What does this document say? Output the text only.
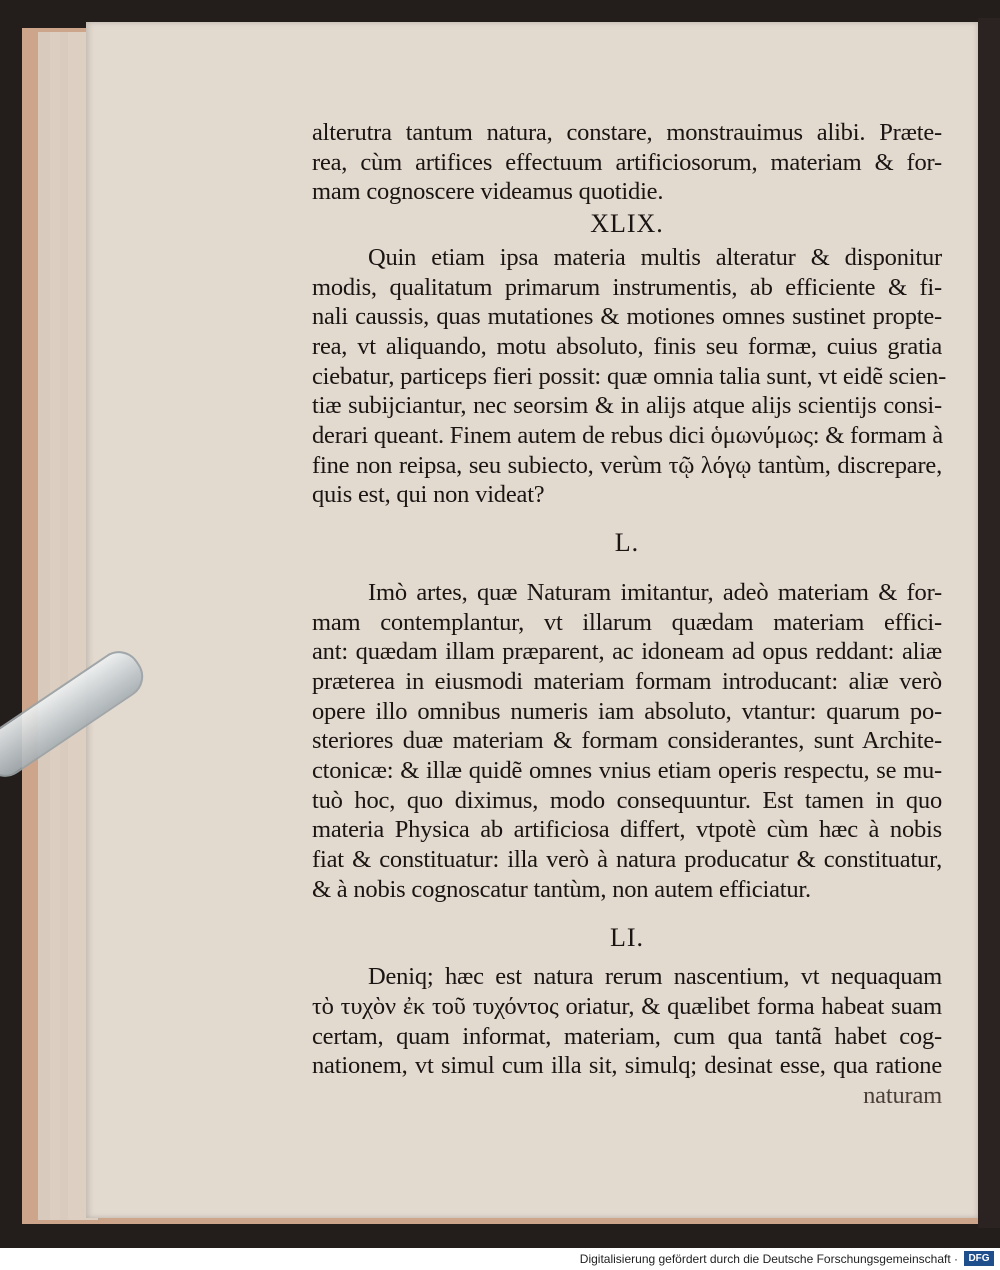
alterutra tantum natura, constare, monstrauimus alibi. Præte-
rea, cùm artifices effectuum artificiosorum, materiam & for-
mam cognoscere videamus quotidie.
XLIX.
Quin etiam ipsa materia multis alteratur & disponitur
modis, qualitatum primarum instrumentis, ab efficiente & fi-
nali caussis, quas mutationes & motiones omnes sustinet propte-
rea, vt aliquando, motu absoluto, finis seu formæ, cuius gratia
ciebatur, particeps fieri possit: quæ omnia talia sunt, vt eidẽ scien-
tiæ subijciantur, nec seorsim & in alijs atque alijs scientijs consi-
derari queant. Finem autem de rebus dici ὁμωνύμως: & formam à
fine non reipsa, seu subiecto, verùm τῷ λόγῳ tantùm, discrepare,
quis est, qui non videat?
L.
Imò artes, quæ Naturam imitantur, adeò materiam & for-
mam contemplantur, vt illarum quædam materiam effici-
ant: quædam illam præparent, ac idoneam ad opus reddant: aliæ
præterea in eiusmodi materiam formam introducant: aliæ verò
opere illo omnibus numeris iam absoluto, vtantur: quarum po-
steriores duæ materiam & formam considerantes, sunt Archite-
ctonicæ: & illæ quidẽ omnes vnius etiam operis respectu, se mu-
tuò hoc, quo diximus, modo consequuntur. Est tamen in quo
materia Physica ab artificiosa differt, vtpotè cùm hæc à nobis
fiat & constituatur: illa verò à natura producatur & constituatur,
& à nobis cognoscatur tantùm, non autem efficiatur.
LI.
Deniq; hæc est natura rerum nascentium, vt nequaquam
τὸ τυχὸν ἐκ τοῦ τυχόντος oriatur, & quælibet forma habeat suam
certam, quam informat, materiam, cum qua tantã habet cog-
nationem, vt simul cum illa sit, simulq; desinat esse, qua ratione
naturam
Digitalisierung gefördert durch die Deutsche Forschungsgemeinschaft ·	DFG
